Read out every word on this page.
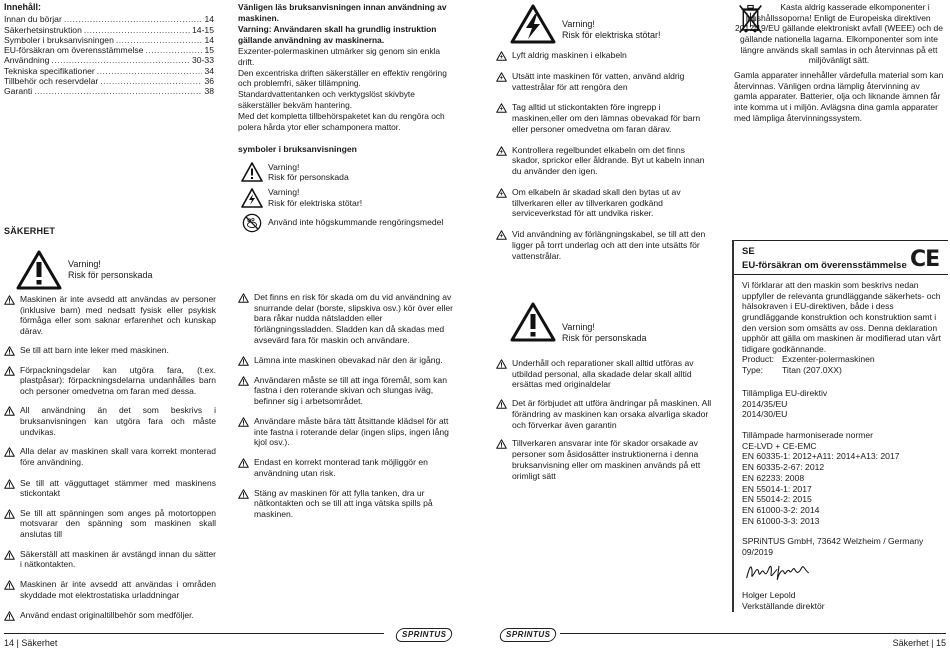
Innehåll:
Innan du börjar .....	14
Säkerhetsinstruktion .....	14-15
Symboler i bruksanvisningen .....	14
EU-försäkran om överensstämmelse .....	15
Användning .....	30-33
Tekniska specifikationer .....	34
Tillbehör och reservdelar .....	36
Garanti .....	38
SÄKERHET
Varning!
Risk för personskada
Maskinen är inte avsedd att användas av personer (inklusive barn) med nedsatt fysisk eller psykisk förmåga eller som saknar erfarenhet och kunskap därav.
Se till att barn inte leker med maskinen.
Förpackningsdelar kan utgöra fara, (t.ex. plastpåsar): förpackningsdelarna undanhålles barn och personer omedvetna om faran med dessa.
All användning än det som beskrivs i bruksanvisningen kan utgöra fara och måste undvikas.
Alla delar av maskinen skall vara korrekt monterad före användning.
Se till att vägguttaget stämmer med maskinens stickontakt
Se till att spänningen som anges på motortoppen motsvarar den spänning som maskinen skall anslutas till
Säkerställ att maskinen är avstängd innan du sätter i nätkontakten.
Maskinen är inte avsedd att användas i områden skyddade mot elektrostatiska urladdningar
Använd endast originaltillbehör som medföljer.
Vänligen läs bruksanvisningen innan användning av maskinen.
Varning: Användaren skall ha grundlig instruktion gällande användning av maskinerna.
Exzenter-polermaskinen utmärker sig genom sin enkla drift.
Den excentriska driften säkerställer en effektiv rengöring och problemfri, säker tillämpning.
Standardvattentanken och verktygslöst skivbyte säkerställer bekväm hantering.
Med det kompletta tillbehörspaketet kan du rengöra och polera hårda ytor eller schamponera mattor.
symboler i bruksanvisningen
Varning!
Risk för personskada
Varning!
Risk för elektriska stötar!
Använd inte högskummande rengöringsmedel
Det finns en risk för skada om du vid användning av snurrande delar (borste, slipskiva osv.) kör över eller bara råkar nudda nätsladden eller förlängningssladden. Sladden kan då skadas med avsevärd fara för maskin och användare.
Lämna inte maskinen obevakad när den är igång.
Användaren måste se till att inga föremål, som kan fastna i den roterande skivan och slungas iväg, befinner sig i arbetsområdet.
Användare måste bära tätt åtsittande klädsel för att inte fastna i roterande delar (ingen slips, ingen lång kjol osv.).
Endast en korrekt monterad tank möjliggör en användning utan risk.
Stäng av maskinen för att fylla tanken, dra ur nätkontakten och se till att inga vätska spills på maskinen.
Varning!
Risk för elektriska stötar!
Lyft aldrig maskinen i elkabeln
Utsätt inte maskinen för vatten, använd aldrig vattestrålar för att rengöra den
Tag alltid ut stickontakten före ingrepp i maskinen,eller om den lämnas obevakad för barn eller personer omedvetna om faran därav.
Kontrollera regelbundet elkabeln om det finns skador, sprickor eller åldrande. Byt ut kabeln innan du använder den igen.
Om elkabeln är skadad skall den bytas ut av tillverkaren eller av tillverkaren godkänd serviceverkstad för att undvika risker.
Vid användning av förlängningskabel, se till att den ligger på torrt underlag och att den inte utsätts för vattenstrålar.
Varning!
Risk för personskada
Underhåll och reparationer skall alltid utföras av utbildad personal, alla skadade delar skall alltid ersättas med originaldelar
Det är förbjudet att utföra ändringar på maskinen. All förändring av maskinen kan orsaka alvarliga skador och förverkar även garantin
Tillverkaren ansvarar inte för skador orsakade av personer som åsidosätter instruktionerna i denna bruksanvisning eller om maskinen används på ett orimligt sätt
Kasta aldrig kasserade elkomponenter i hushållssoporna! Enligt de Europeiska direktiven 2012/19/EU gällande elektroniskt avfall (WEEE) och de gällande nationella lagarna. Elkomponenter som inte längre används skall samlas in och återvinnas på ett miljövänligt sätt.
Gamla apparater innehåller värdefulla material som kan återvinnas. Vänligen ordna lämplig återvinning av gamla apparater. Batterier, olja och liknande ämnen får inte komma ut i miljön. Avlägsna dina gamla apparater med lämpliga återvinningssystem.
SE
EU-försäkran om överensstämmelse CE
Vi förklarar att den maskin som beskrivs nedan uppfyller de relevanta grundläggande säkerhets- och hälsokraven i EU-direktiven, både i dess grundläggande konstruktion och konstruktion samt i den version som omsätts av oss. Denna deklaration upphör att gälla om maskinen är modifierad utan vårt tidigare godkännande.
Product: Exzenter-polermaskinen
Type: Titan (207.0XX)
Tillämpliga EU-direktiv
2014/35/EU
2014/30/EU
Tillämpade harmoniserade normer
CE-LVD + CE-EMC
EN 60335-1: 2012+A11: 2014+A13: 2017
EN 60335-2-67: 2012
EN 62233: 2008
EN 55014-1: 2017
EN 55014-2: 2015
EN 61000-3-2: 2014
EN 61000-3-3: 2013
SPRiNTUS GmbH, 73642 Welzheim / Germany
09/2019
Holger Lepold
Verkställande direktör
14 | Säkerhet	Säkerhet | 15
SPRINTUS	SPRINTUS
